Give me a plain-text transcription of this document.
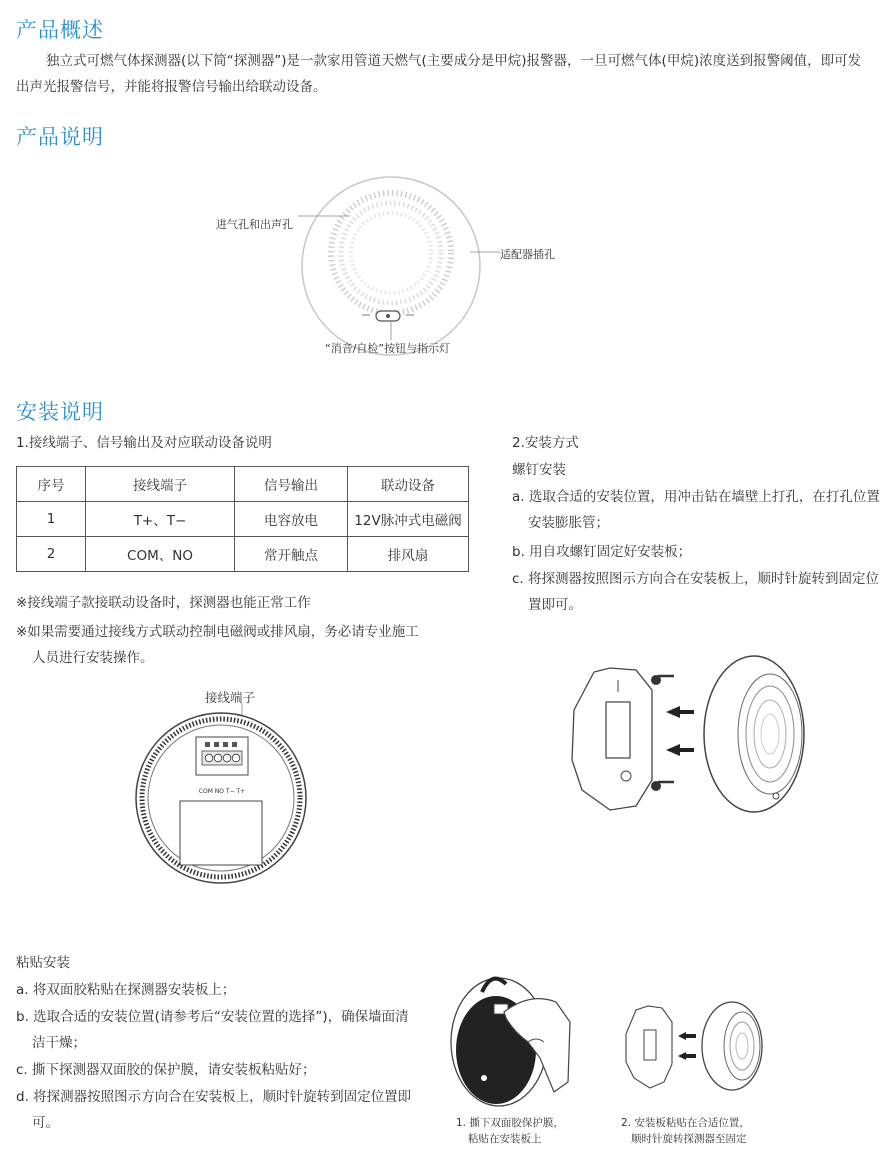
产品概述
独立式可燃气体探测器(以下简“探测器”)是一款家用管道天燃气(主要成分是甲烷)报警器，一旦可燃气体(甲烷)浓度送到报警阈值，即可发出声光报警信号，并能将报警信号输出给联动设备。
产品说明
进气孔和出声孔
适配器插孔
“消音/自检”按钮与指示灯
安装说明
1.接线端子、信号输出及对应联动设备说明
序号	接线端子	信号输出	联动设备
1	T+、T−	电容放电	12V脉冲式电磁阀
2	COM、NO	常开触点	排风扇
※接线端子款接联动设备时，探测器也能正常工作
※如果需要通过接线方式联动控制电磁阀或排风扇，务必请专业施工人员进行安装操作。
接线端子
COM NO T− T+
2.安装方式
螺钉安装
a. 选取合适的安装位置，用冲击钻在墙壁上打孔，在打孔位置安装膨胀管；
b. 用自攻螺钉固定好安装板；
c. 将探测器按照图示方向合在安装板上，顺时针旋转到固定位置即可。
粘贴安装
a. 将双面胶粘贴在探测器安装板上；
b. 选取合适的安装位置(请参考后“安装位置的选择”)，确保墙面清洁干燥；
c. 撕下探测器双面胶的保护膜，请安装板粘贴好；
d. 将探测器按照图示方向合在安装板上，顺时针旋转到固定位置即可。	1. 撕下双面胶保护膜，
粘贴在安装板上
2. 安装板粘贴在合适位置，
顺时针旋转探测器至固定
